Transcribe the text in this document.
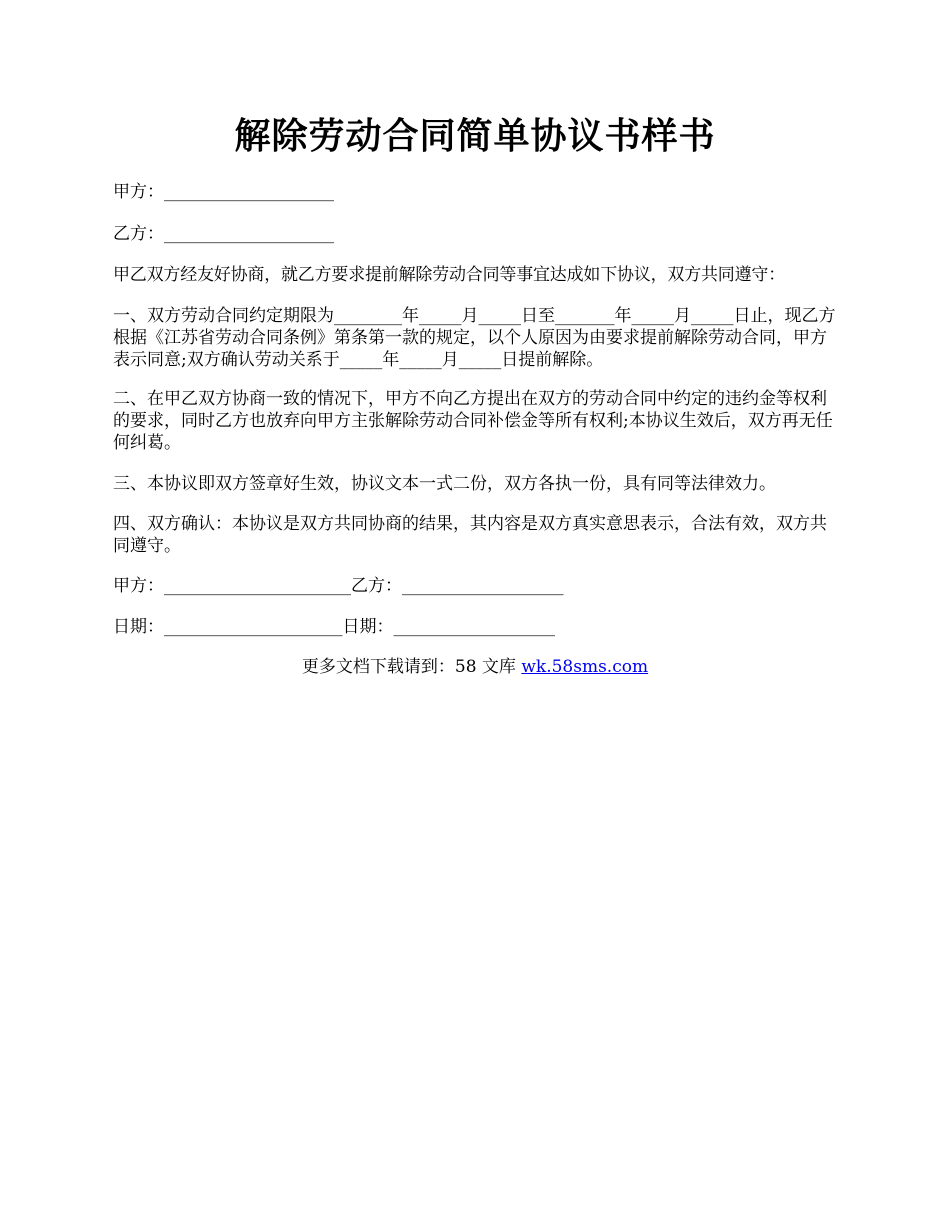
解除劳动合同简单协议书样书
甲方：____________________
乙方：____________________
甲乙双方经友好协商，就乙方要求提前解除劳动合同等事宜达成如下协议，双方共同遵守：
一、双方劳动合同约定期限为________年_____月_____日至_______年_____月_____日止，现乙方根据《江苏省劳动合同条例》第条第一款的规定，以个人原因为由要求提前解除劳动合同，甲方表示同意;双方确认劳动关系于_____年_____月_____日提前解除。
二、在甲乙双方协商一致的情况下，甲方不向乙方提出在双方的劳动合同中约定的违约金等权利的要求，同时乙方也放弃向甲方主张解除劳动合同补偿金等所有权利;本协议生效后，双方再无任何纠葛。
三、本协议即双方签章好生效，协议文本一式二份，双方各执一份，具有同等法律效力。
四、双方确认：本协议是双方共同协商的结果，其内容是双方真实意思表示，合法有效，双方共同遵守。
甲方：______________________乙方：___________________
日期：_____________________日期：___________________
更多文档下载请到：58 文库 wk.58sms.com
